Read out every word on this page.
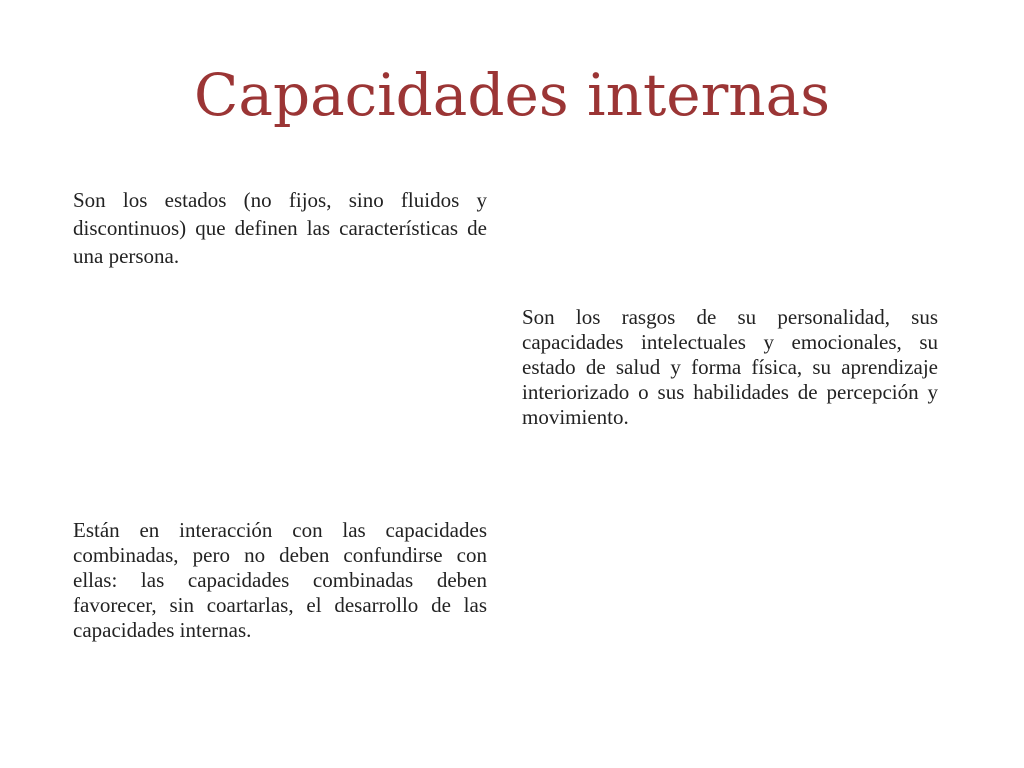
Capacidades internas

Son los estados (no fijos, sino fluidos y discontinuos) que definen las características de una persona.

Son los rasgos de su personalidad, sus capacidades intelectuales y emocionales, su estado de salud y forma física, su aprendizaje interiorizado o sus habilidades de percepción y movimiento.

Están en interacción con las capacidades combinadas, pero no deben confundirse con ellas: las capacidades combinadas deben favorecer, sin coartarlas, el desarrollo de las capacidades internas.
